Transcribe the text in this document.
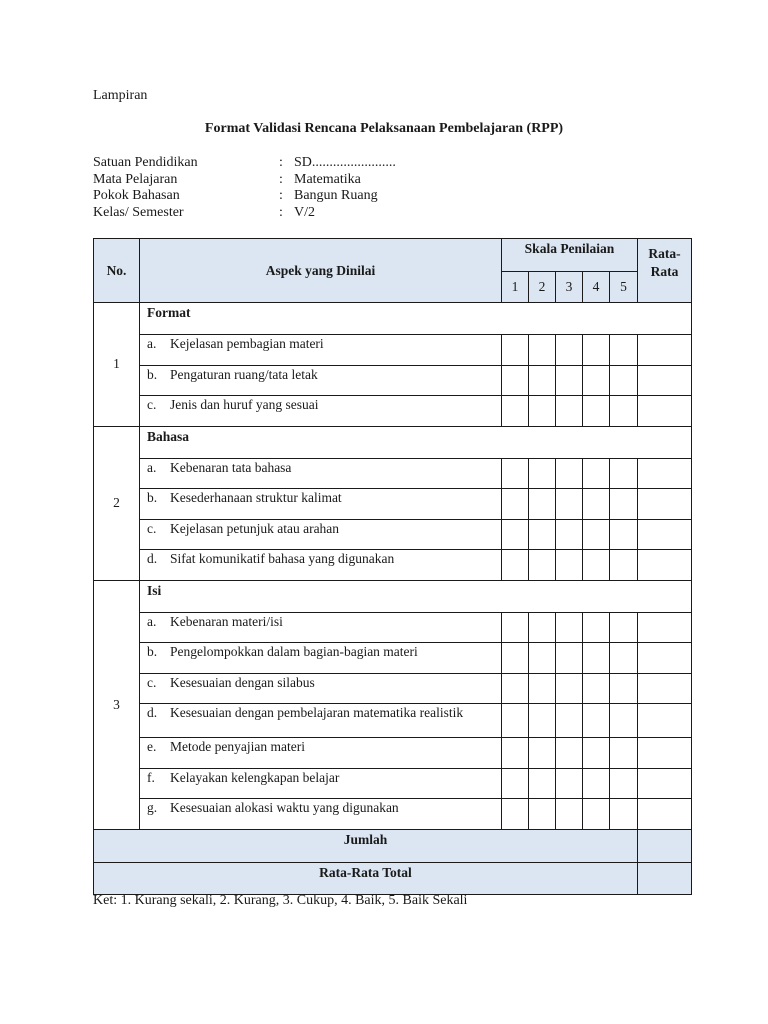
Lampiran
Format Validasi Rencana Pelaksanaan Pembelajaran (RPP)
Satuan Pendidikan	: SD........................
Mata Pelajaran	: Matematika
Pokok Bahasan	: Bangun Ruang
Kelas/ Semester	: V/2
No.	Aspek yang Dinilai	Skala Penilaian					Rata-
Rata

		1	2	3	4	5	
1	Format						

	a. Kejelasan pembagian materi						

	b. Pengaturan ruang/tata letak						

	c. Jenis dan huruf yang sesuai						

2	Bahasa						

	a. Kebenaran tata bahasa						

	b. Kesederhanaan struktur kalimat						

	c. Kejelasan petunjuk atau arahan						

	d. Sifat komunikatif bahasa yang digunakan						

3	Isi						

	a. Kebenaran materi/isi						

	b. Pengelompokkan dalam bagian-bagian materi						

	c. Kesesuaian dengan silabus						

	d. Kesesuaian dengan pembelajaran matematika realistik						

	e. Metode penyajian materi						

	f. Kelayakan kelengkapan belajar						

	g. Kesesuaian alokasi waktu yang digunakan						

Jumlah							
Rata-Rata Total							
Ket: 1. Kurang sekali, 2. Kurang, 3. Cukup, 4. Baik, 5. Baik Sekali
